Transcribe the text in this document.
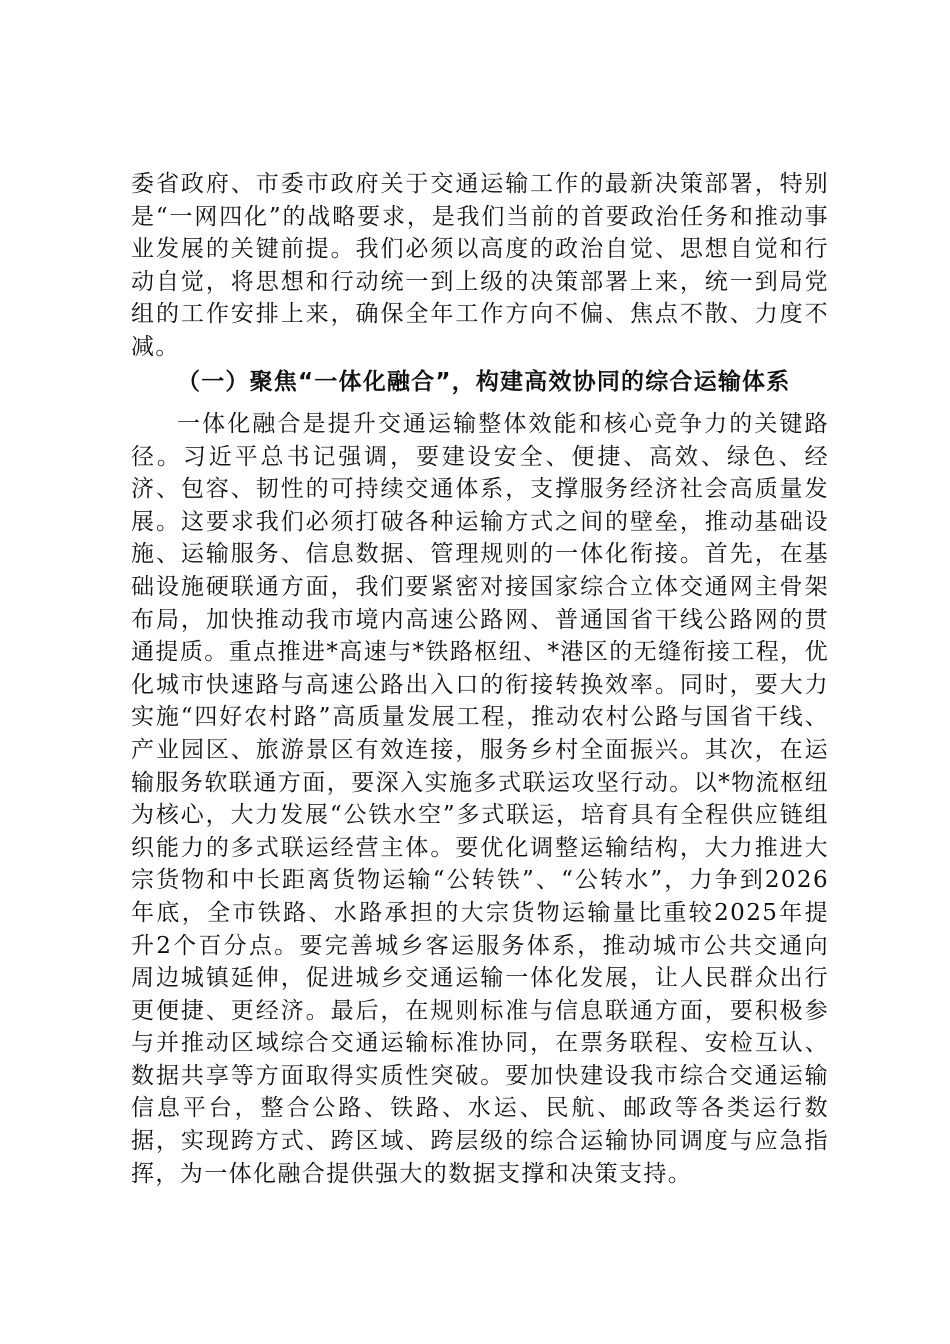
委省政府、市委市政府关于交通运输工作的最新决策部署，特别是“一网四化”的战略要求，是我们当前的首要政治任务和推动事业发展的关键前提。我们必须以高度的政治自觉、思想自觉和行动自觉，将思想和行动统一到上级的决策部署上来，统一到局党组的工作安排上来，确保全年工作方向不偏、焦点不散、力度不减。

（一）聚焦“一体化融合”，构建高效协同的综合运输体系

一体化融合是提升交通运输整体效能和核心竞争力的关键路径。习近平总书记强调，要建设安全、便捷、高效、绿色、经济、包容、韧性的可持续交通体系，支撑服务经济社会高质量发展。这要求我们必须打破各种运输方式之间的壁垒，推动基础设施、运输服务、信息数据、管理规则的一体化衔接。首先，在基础设施硬联通方面，我们要紧密对接国家综合立体交通网主骨架布局，加快推动我市境内高速公路网、普通国省干线公路网的贯通提质。重点推进*高速与*铁路枢纽、*港区的无缝衔接工程，优化城市快速路与高速公路出入口的衔接转换效率。同时，要大力实施“四好农村路”高质量发展工程，推动农村公路与国省干线、产业园区、旅游景区有效连接，服务乡村全面振兴。其次，在运输服务软联通方面，要深入实施多式联运攻坚行动。以*物流枢纽为核心，大力发展“公铁水空”多式联运，培育具有全程供应链组织能力的多式联运经营主体。要优化调整运输结构，大力推进大宗货物和中长距离货物运输“公转铁”、“公转水”，力争到2026年底，全市铁路、水路承担的大宗货物运输量比重较2025年提升2个百分点。要完善城乡客运服务体系，推动城市公共交通向周边城镇延伸，促进城乡交通运输一体化发展，让人民群众出行更便捷、更经济。最后，在规则标准与信息联通方面，要积极参与并推动区域综合交通运输标准协同，在票务联程、安检互认、数据共享等方面取得实质性突破。要加快建设我市综合交通运输信息平台，整合公路、铁路、水运、民航、邮政等各类运行数据，实现跨方式、跨区域、跨层级的综合运输协同调度与应急指挥，为一体化融合提供强大的数据支撑和决策支持。
